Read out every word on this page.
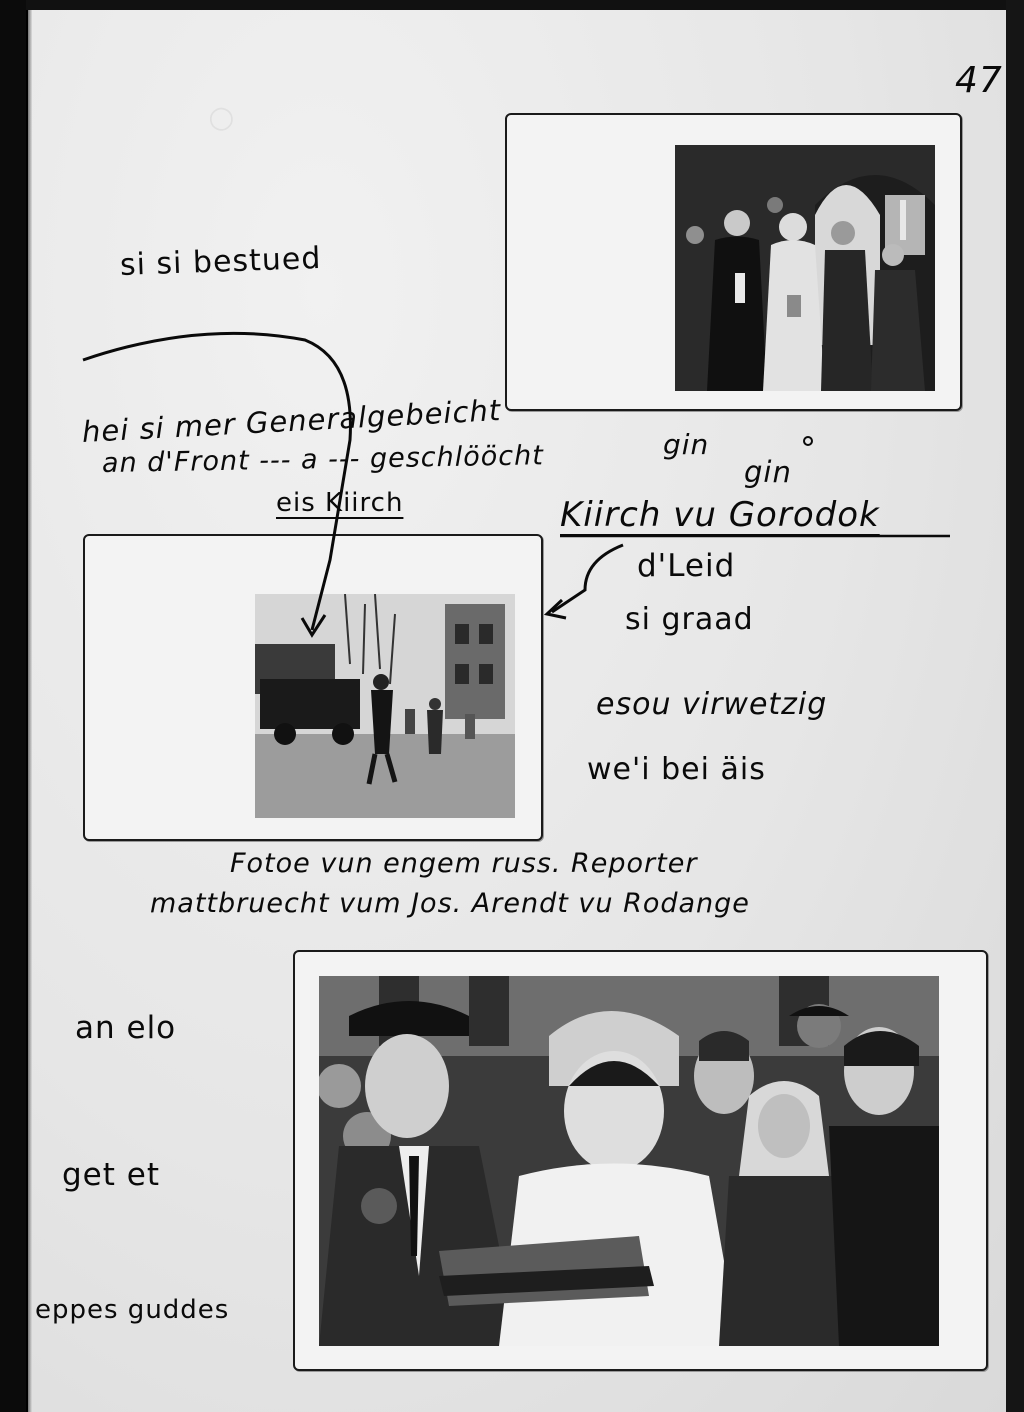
○
47
si si bestued
hei si mer Generalgebeicht	gin
an d'Front --- a --- geschlööcht	gin
eis Kiirch	Kiirch vu Gorodok
d'Leid
si graad
esou virwetzig
we'i bei äis
Fotoe vun engem russ. Reporter
mattbruecht vum Jos. Arendt vu Rodange
an elo
get et
eppes guddes
